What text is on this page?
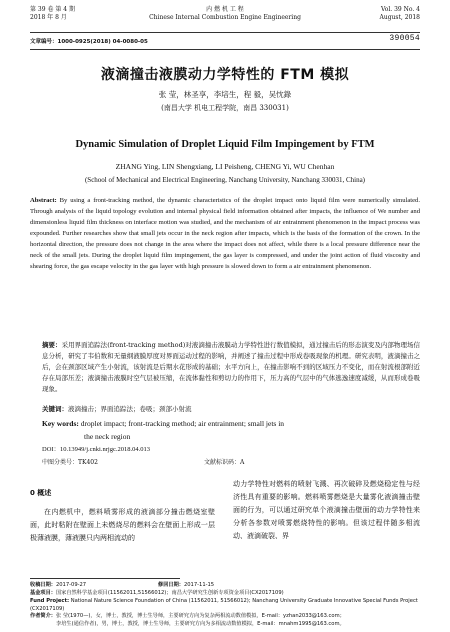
第 39 卷 第 4 期
2018 年 8 月
内 燃 机 工 程
Chinese Internal Combustion Engine Engineering
Vol. 39 No. 4
August, 2018
文章编号：1000-0925(2018) 04-0080-05	390054
液滴撞击液膜动力学特性的 FTM 模拟
张 莹，林圣享，李培生，程 毅，吴忱錄
(南昌大学 机电工程学院，南昌 330031)
Dynamic Simulation of Droplet Liquid Film Impingement by FTM
ZHANG Ying, LIN Shengxiang, LI Peisheng, CHENG Yi, WU Chenhan
(School of Mechanical and Electrical Engineering, Nanchang University, Nanchang 330031, China)
Abstract: By using a front-tracking method, the dynamic characteristics of the droplet impact onto liquid film were numerically simulated. Through analysis of the liquid topology evolution and internal physical field information obtained after impacts, the influence of We number and dimensionless liquid film thickness on interface motion was studied, and the mechanism of air entrainment phenomenon in the impact process was expounded. Further researches show that small jets occur in the neck region after impacts, which is the basis of the formation of the crown. In the horizontal direction, the pressure does not change in the area where the impact does not affect, while there is a local pressure difference near the neck of the small jets. During the droplet liquid film impingement, the gas layer is compressed, and under the joint action of fluid viscosity and shearing force, the gas escape velocity in the gas layer with high pressure is slowed down to form a air entrainment phenomenon.
摘要：采用界面追踪法(front-tracking method)对液滴撞击液膜动力学特性进行数值模拟，通过撞击后的形态演变及内部物理场信息分析，研究了韦伯数和无量纲液膜厚度对界面运动过程的影响，并阐述了撞击过程中形成卷吸现象的机理。研究表明，液滴撞击之后，会在颈部区域产生小射流，该射流是后期水花形成的基础；水平方向上，在撞击影响不到的区域压力不变化，而在射流根部附近存在局部压差；液滴撞击液膜时空气层被压缩，在流体黏性和剪切力的作用下，压力高的气层中的气体逃逸速度减缓，从而形成卷吸现象。
关键词：液滴撞击；界面追踪法；卷吸；颈部小射流
Key words: droplet impact; front-tracking method; air entrainment; small jets in
the neck region
DOI：10.13949/j.cnki.nrjgc.2018.04.013
中图分类号：TK402	文献标识码：A
0 概述
在内燃机中，燃料喷雾形成的液滴部分撞击燃烧室壁面，此时粘附在壁面上未燃烧尽的燃料会在壁面上形成一层极薄液膜，薄液膜只内两相流动的
动力学特性对燃料的喷射飞溅、再次破碎及燃烧稳定性与经济性具有重要的影响。燃料喷雾燃烧是大量雾化液滴撞击壁面的行为，可以通过研究单个液滴撞击壁面的动力学特性来分析各参数对喷雾燃烧特性的影响。但该过程伴随多相流动、液滴破裂、界
收稿日期：2017-09-27	修回日期：2017-11-15
基金项目：国家自然科学基金项目(11562011,51566012)；南昌大学研究生创新专项资金项目(CX2017109)
Fund Project: National Nature Science Foundation of China (11562011, 51566012); Nanchang University Graduate Innovative Special Funds Project (CX2017109)
作者简介：张 莹(1970—)，女，博士，教授，博士生导师，主要研究方向为复杂两相流动数值模拟，E-mail：yzhan2033@163.com；
李培生(通信作者)，男，博士，教授，博士生导师，主要研究方向为多相流动数值模拟，E-mail：mnahm1995@163.com。
